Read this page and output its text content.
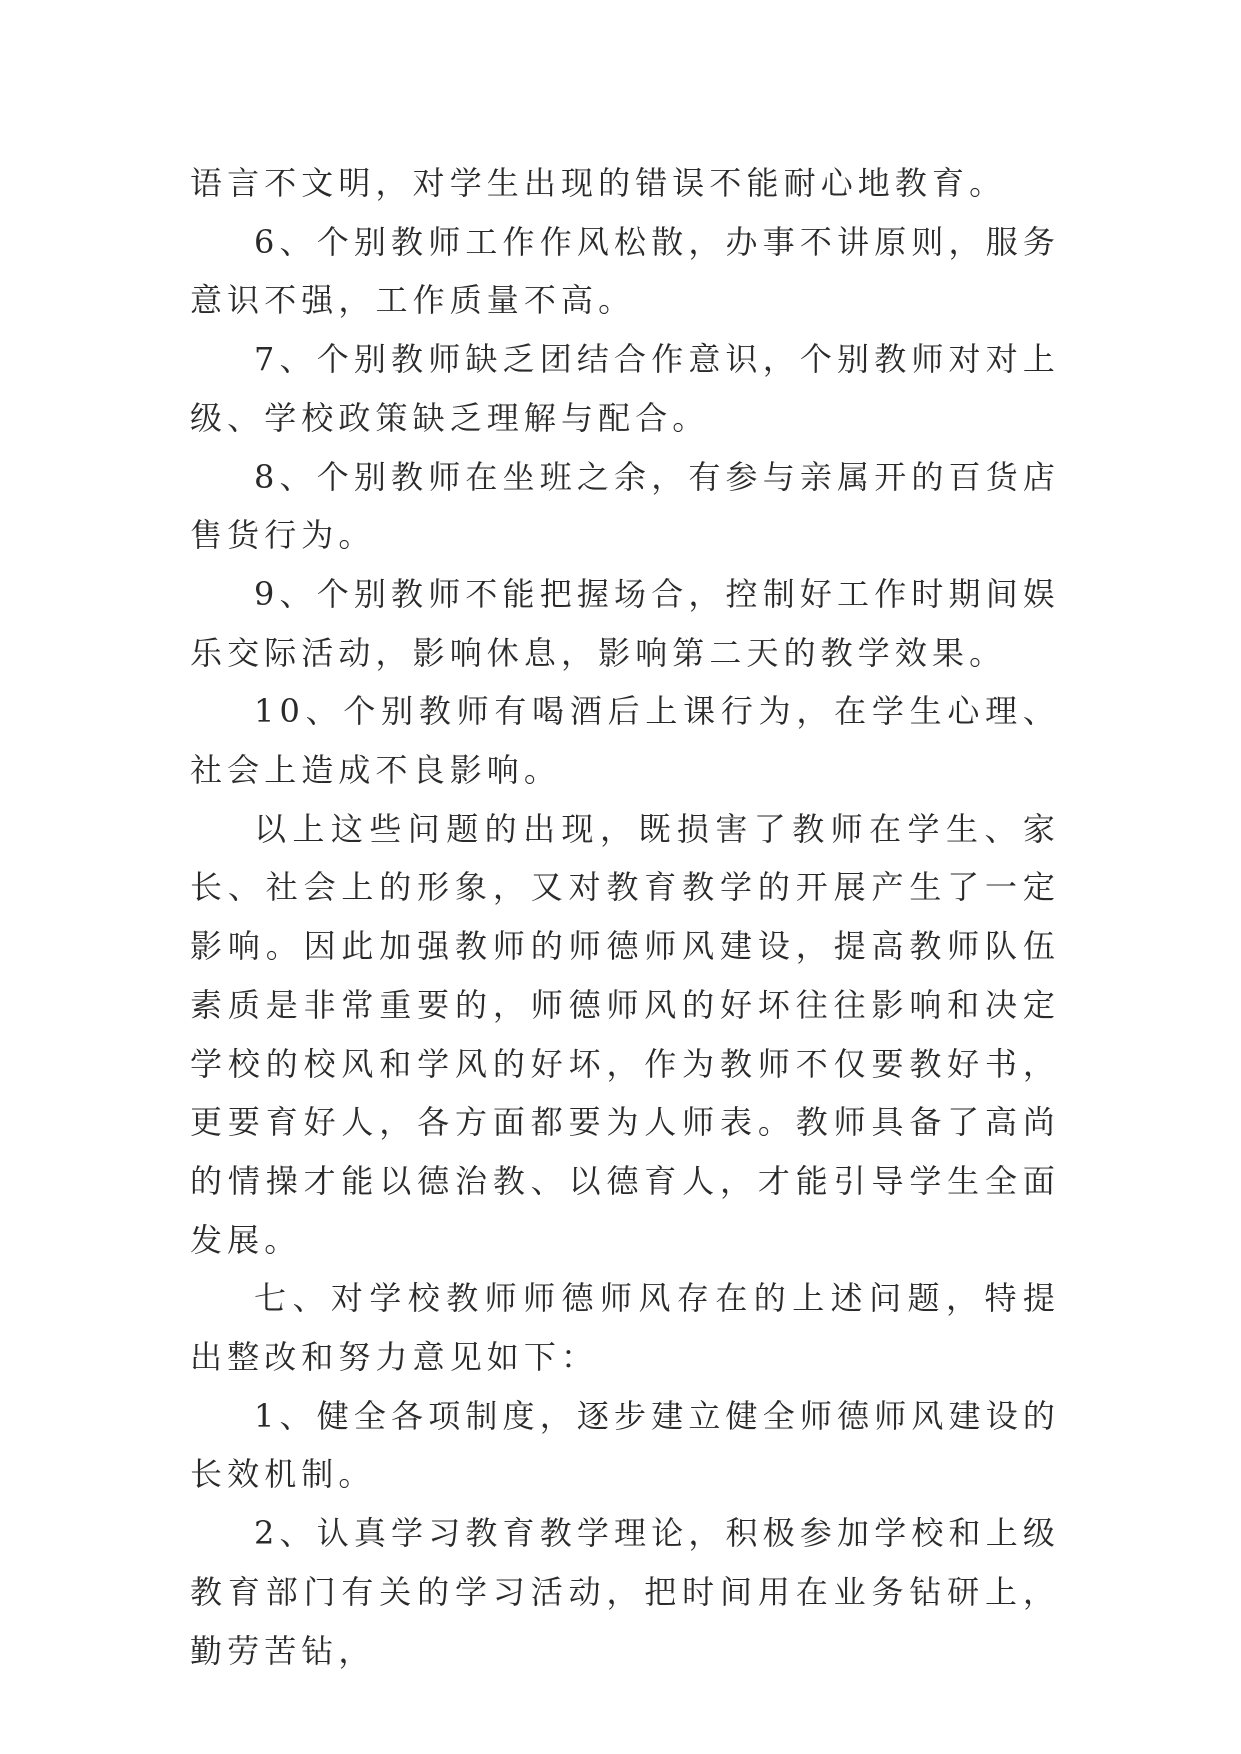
语言不文明，对学生出现的错误不能耐心地教育。

6、个别教师工作作风松散，办事不讲原则，服务意识不强，工作质量不高。

7、个别教师缺乏团结合作意识，个别教师对对上级、学校政策缺乏理解与配合。

8、个别教师在坐班之余，有参与亲属开的百货店售货行为。

9、个别教师不能把握场合，控制好工作时期间娱乐交际活动，影响休息，影响第二天的教学效果。

10、个别教师有喝酒后上课行为，在学生心理、社会上造成不良影响。

以上这些问题的出现，既损害了教师在学生、家长、社会上的形象，又对教育教学的开展产生了一定影响。因此加强教师的师德师风建设，提高教师队伍素质是非常重要的，师德师风的好坏往往影响和决定学校的校风和学风的好坏，作为教师不仅要教好书，更要育好人，各方面都要为人师表。教师具备了高尚的情操才能以德治教、以德育人，才能引导学生全面发展。

七、对学校教师师德师风存在的上述问题，特提出整改和努力意见如下：

1、健全各项制度，逐步建立健全师德师风建设的长效机制。

2、认真学习教育教学理论，积极参加学校和上级教育部门有关的学习活动，把时间用在业务钻研上，勤劳苦钻，
